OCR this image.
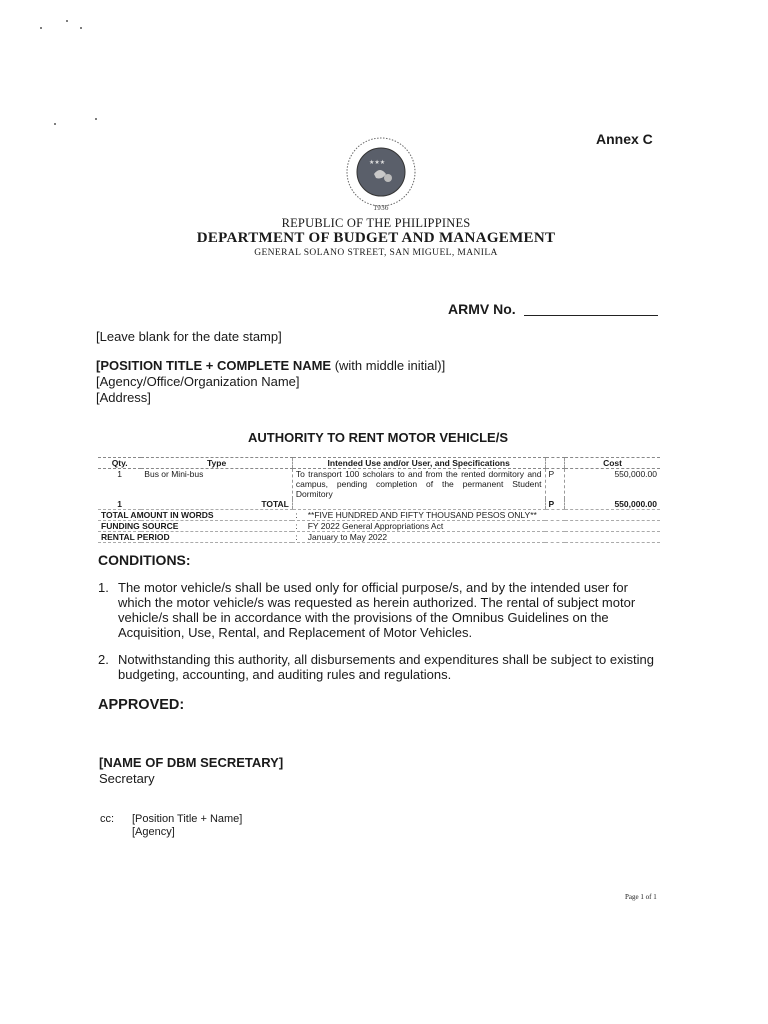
Annex C
★★★
1936
REPUBLIC OF THE PHILIPPINES
DEPARTMENT OF BUDGET AND MANAGEMENT
GENERAL SOLANO STREET, SAN MIGUEL, MANILA
ARMV No.
[Leave blank for the date stamp]
[POSITION TITLE + COMPLETE NAME (with middle initial)]
[Agency/Office/Organization Name]
[Address]
AUTHORITY TO RENT MOTOR VEHICLE/S
Qty.	Type	Intended Use and/or User, and Specifications		Cost
1	Bus or Mini-bus	To transport 100 scholars to and from the rented dormitory and campus, pending completion of the permanent Student Dormitory	P	550,000.00
1	TOTAL		P	550,000.00
TOTAL AMOUNT IN WORDS		: **FIVE HUNDRED AND FIFTY THOUSAND PESOS ONLY**		
FUNDING SOURCE		: FY 2022 General Appropriations Act		
RENTAL PERIOD		: January to May 2022		
CONDITIONS:
1. The motor vehicle/s shall be used only for official purpose/s, and by the intended user for which the motor vehicle/s was requested as herein authorized. The rental of subject motor vehicle/s shall be in accordance with the provisions of the Omnibus Guidelines on the Acquisition, Use, Rental, and Replacement of Motor Vehicles.
2. Notwithstanding this authority, all disbursements and expenditures shall be subject to existing budgeting, accounting, and auditing rules and regulations.
APPROVED:
[NAME OF DBM SECRETARY]
Secretary
cc: [Position Title + Name]
[Agency]
Page 1 of 1
